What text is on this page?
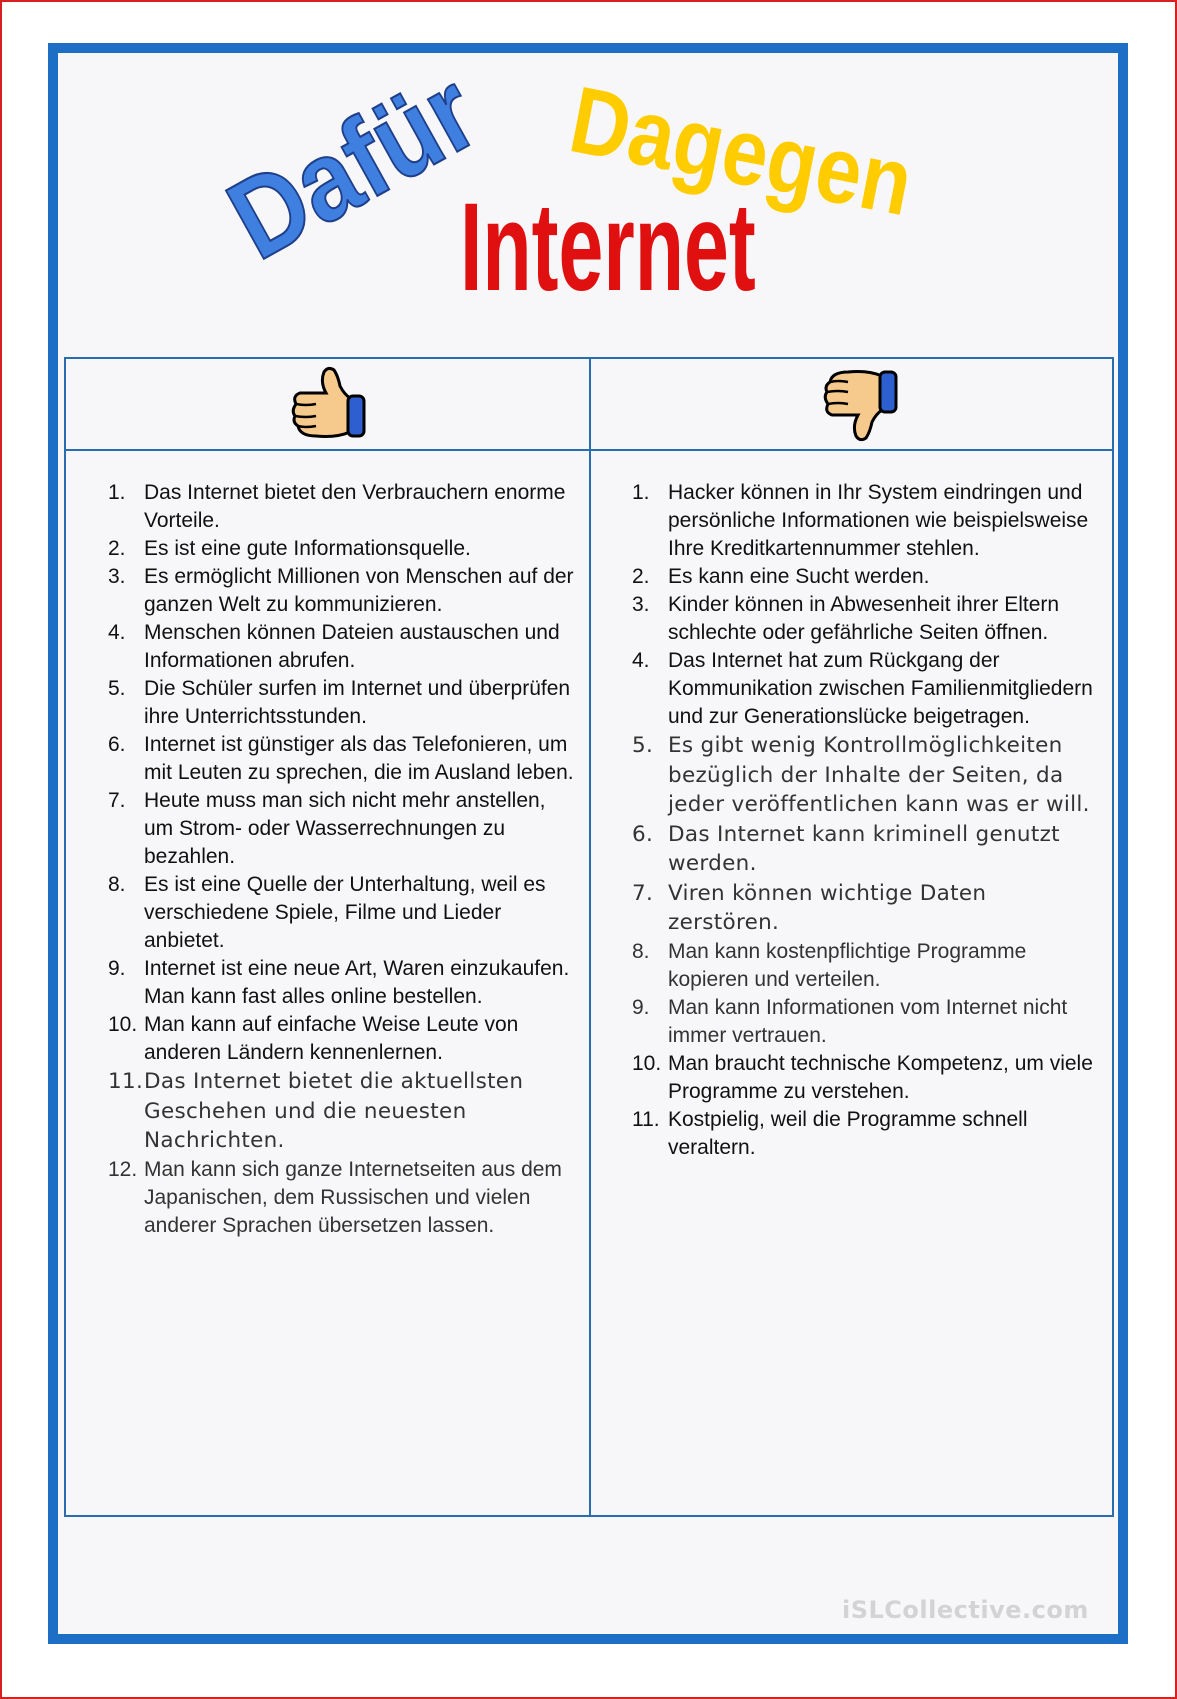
Dafür Dagegen
Internet
1. Das Internet bietet den Verbrauchern enorme Vorteile.
2. Es ist eine gute Informationsquelle.
3. Es ermöglicht Millionen von Menschen auf der ganzen Welt zu kommunizieren.
4. Menschen können Dateien austauschen und Informationen abrufen.
5. Die Schüler surfen im Internet und überprüfen ihre Unterrichtsstunden.
6. Internet ist günstiger als das Telefonieren, um mit Leuten zu sprechen, die im Ausland leben.
7. Heute muss man sich nicht mehr anstellen, um Strom- oder Wasserrechnungen zu bezahlen.
8. Es ist eine Quelle der Unterhaltung, weil es verschiedene Spiele, Filme und Lieder anbietet.
9. Internet ist eine neue Art, Waren einzukaufen. Man kann fast alles online bestellen.
10. Man kann auf einfache Weise Leute von anderen Ländern kennenlernen.
11. Das Internet bietet die aktuellsten Geschehen und die neuesten Nachrichten.
12. Man kann sich ganze Internetseiten aus dem Japanischen, dem Russischen und vielen anderer Sprachen übersetzen lassen.
1. Hacker können in Ihr System eindringen und persönliche Informationen wie beispielsweise Ihre Kreditkartennummer stehlen.
2. Es kann eine Sucht werden.
3. Kinder können in Abwesenheit ihrer Eltern schlechte oder gefährliche Seiten öffnen.
4. Das Internet hat zum Rückgang der Kommunikation zwischen Familienmitgliedern und zur Generationslücke beigetragen.
5. Es gibt wenig Kontrollmöglichkeiten bezüglich der Inhalte der Seiten, da jeder veröffentlichen kann was er will.
6. Das Internet kann kriminell genutzt werden.
7. Viren können wichtige Daten zerstören.
8. Man kann kostenpflichtige Programme kopieren und verteilen.
9. Man kann Informationen vom Internet nicht immer vertrauen.
10. Man braucht technische Kompetenz, um viele Programme zu verstehen.
11. Kostpielig, weil die Programme schnell veraltern.
iSLCollective.com
